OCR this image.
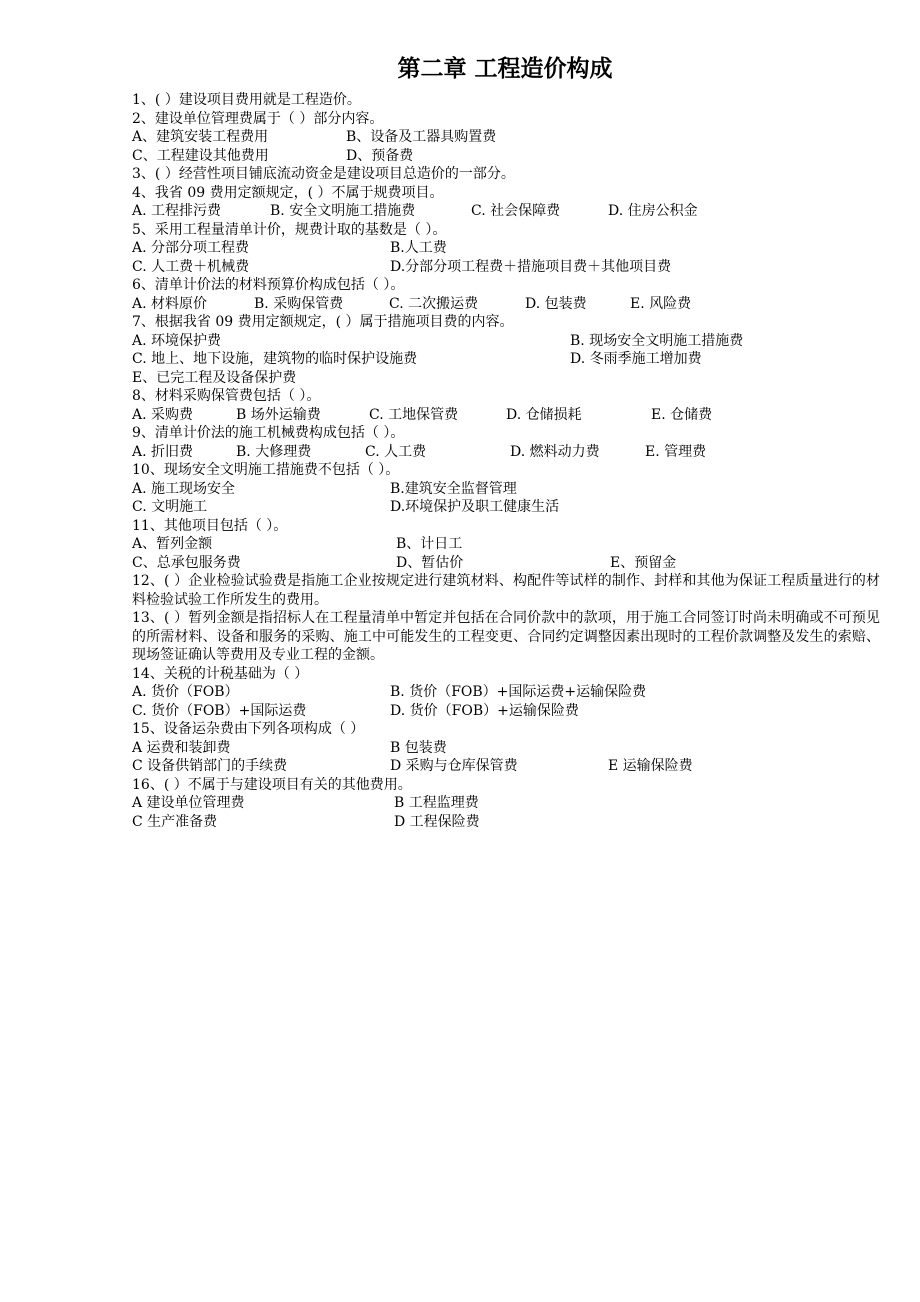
第二章 工程造价构成
1、( ）建设项目费用就是工程造价。
2、建设单位管理费属于（ ）部分内容。
A、建筑安装工程费用	B、设备及工器具购置费
C、工程建设其他费用	D、预备费
3、( ）经营性项目铺底流动资金是建设项目总造价的一部分。
4、我省 09 费用定额规定，( ）不属于规费项目。
A. 工程排污费	B. 安全文明施工措施费	C. 社会保障费	D. 住房公积金
5、采用工程量清单计价，规费计取的基数是（ ）。
A. 分部分项工程费	B.人工费
C. 人工费＋机械费	D.分部分项工程费＋措施项目费＋其他项目费
6、清单计价法的材料预算价构成包括（ ）。
A. 材料原价	B. 采购保管费	C. 二次搬运费	D. 包装费	E. 风险费
7、根据我省 09 费用定额规定，( ）属于措施项目费的内容。
A. 环境保护费	B. 现场安全文明施工措施费
C. 地上、地下设施，建筑物的临时保护设施费	D. 冬雨季施工增加费
E、已完工程及设备保护费
8、材料采购保管费包括（ ）。
A. 采购费	B 场外运输费	C. 工地保管费	D. 仓储损耗	E. 仓储费
9、清单计价法的施工机械费构成包括（ ）。
A. 折旧费	B. 大修理费	C. 人工费	D. 燃料动力费	E. 管理费
10、现场安全文明施工措施费不包括（ ）。
A. 施工现场安全	B.建筑安全监督管理
C. 文明施工	D.环境保护及职工健康生活
11、其他项目包括（ ）。
A、暂列金额	B、计日工
C、总承包服务费	D、暂估价	E、预留金
12、( ）企业检验试验费是指施工企业按规定进行建筑材料、构配件等试样的制作、封样和其他为保证工程质量进行的材料检验试验工作所发生的费用。
13、( ）暂列金额是指招标人在工程量清单中暂定并包括在合同价款中的款项，用于施工合同签订时尚未明确或不可预见的所需材料、设备和服务的采购、施工中可能发生的工程变更、合同约定调整因素出现时的工程价款调整及发生的索赔、现场签证确认等费用及专业工程的金额。
14、关税的计税基础为（ ）
A. 货价（FOB）	B. 货价（FOB）+国际运费+运输保险费
C. 货价（FOB）+国际运费	D. 货价（FOB）+运输保险费
15、设备运杂费由下列各项构成（ ）
A 运费和装卸费	B 包装费
C 设备供销部门的手续费	D 采购与仓库保管费	E 运输保险费
16、( ）不属于与建设项目有关的其他费用。
A 建设单位管理费	B 工程监理费
C 生产准备费	D 工程保险费
